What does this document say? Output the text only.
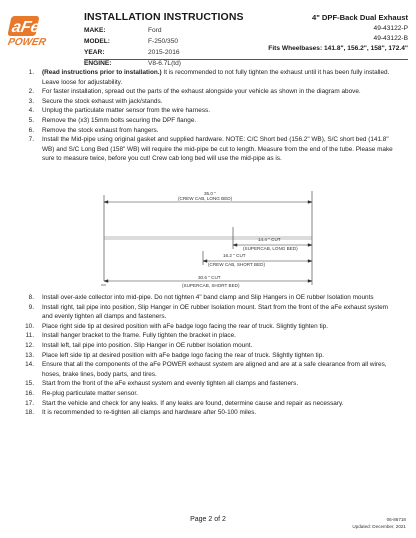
aFe
POWER
INSTALLATION INSTRUCTIONS
MAKE:	Ford
MODEL:	F-250/350
YEAR:	2015-2016
ENGINE:	V8-6.7L(td)
4" DPF-Back Dual Exhaust
49-43122-P
49-43122-B
Fits Wheelbases: 141.8", 156.2", 158", 172.4"
1. (Read instructions prior to installation.) It is recommended to not fully tighten the exhaust until it has been fully installed. Leave loose for adjustability.
2. For faster installation, spread out the parts of the exhaust alongside your vehicle as shown in the diagram above.
3. Secure the stock exhaust with jack/stands.
4. Unplug the particulate matter sensor from the wire harness.
5. Remove the (x3) 15mm bolts securing the DPF flange.
6. Remove the stock exhaust from hangers.
7. Install the Mid-pipe using original gasket and supplied hardware. NOTE: C/C Short bed (156.2" WB), S/C short bed (141.8" WB) and S/C Long Bed (158" WB) will require the mid-pipe be cut to length. Measure from the end of the tube. Please make sure to measure twice, before you cut! Crew cab long bed will use the mid-pipe as is.
35.0 "
(CREW CAB, LONG BED)
14.4 " CUT
(SUPERCAB, LONG BED)
16.2 " CUT
(CREW CAB, SHORT BED)
30.6 " CUT
(SUPERCAB, SHORT BED)
8. Install over-axle collector into mid-pipe. Do not tighten 4" band clamp and Slip Hangers in OE rubber Isolation mounts
9. Install right, tail pipe into position, Slip Hanger in OE rubber Isolation mount. Start from the front of the aFe exhaust system and evenly tighten all clamps and fasteners.
10. Place right side tip at desired position with aFe badge logo facing the rear of truck. Slightly tighten tip.
11. Install hanger bracket to the frame. Fully tighten the bracket in place.
12. Install left, tail pipe into position. Slip Hanger in OE rubber Isolation mount.
13. Place left side tip at desired position with aFe badge logo facing the rear of truck. Slightly tighten tip.
14. Ensure that all the components of the aFe POWER exhaust system are aligned and are at a safe clearance from all wires, hoses, brake lines, body parts, and tires.
15. Start from the front of the aFe exhaust system and evenly tighten all clamps and fasteners.
16. Re-plug particulate matter sensor.
17. Start the vehicle and check for any leaks. If any leaks are found, determine cause and repair as necessary.
18. It is recommended to re-tighten all clamps and hardware after 50-100 miles.
Page 2 of 2	06-86718
Updated: December, 2021
